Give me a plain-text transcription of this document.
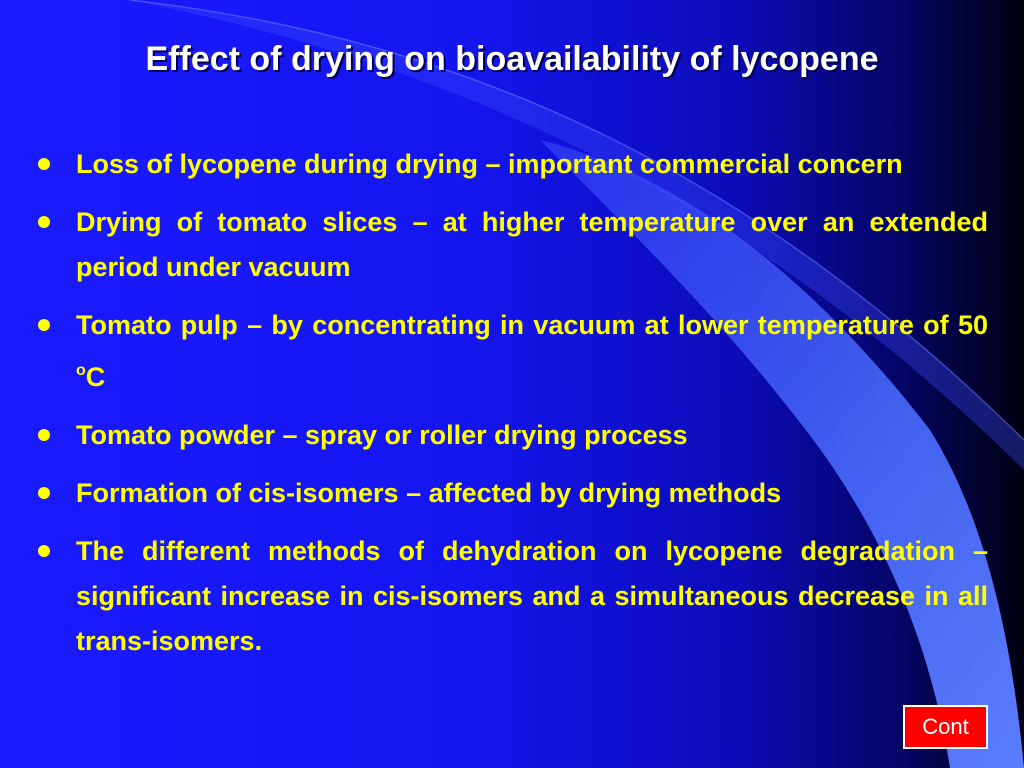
Effect of drying on bioavailability of lycopene
Loss of lycopene during drying – important commercial concern
Drying of tomato slices – at higher temperature over an extended period under vacuum
Tomato pulp – by concentrating in vacuum at lower temperature of 50 $^o$C
Tomato powder – spray or roller drying process
Formation of cis-isomers – affected by drying methods
The different methods of dehydration on lycopene degradation – significant increase in cis-isomers and a simultaneous decrease in all trans-isomers.
Cont
